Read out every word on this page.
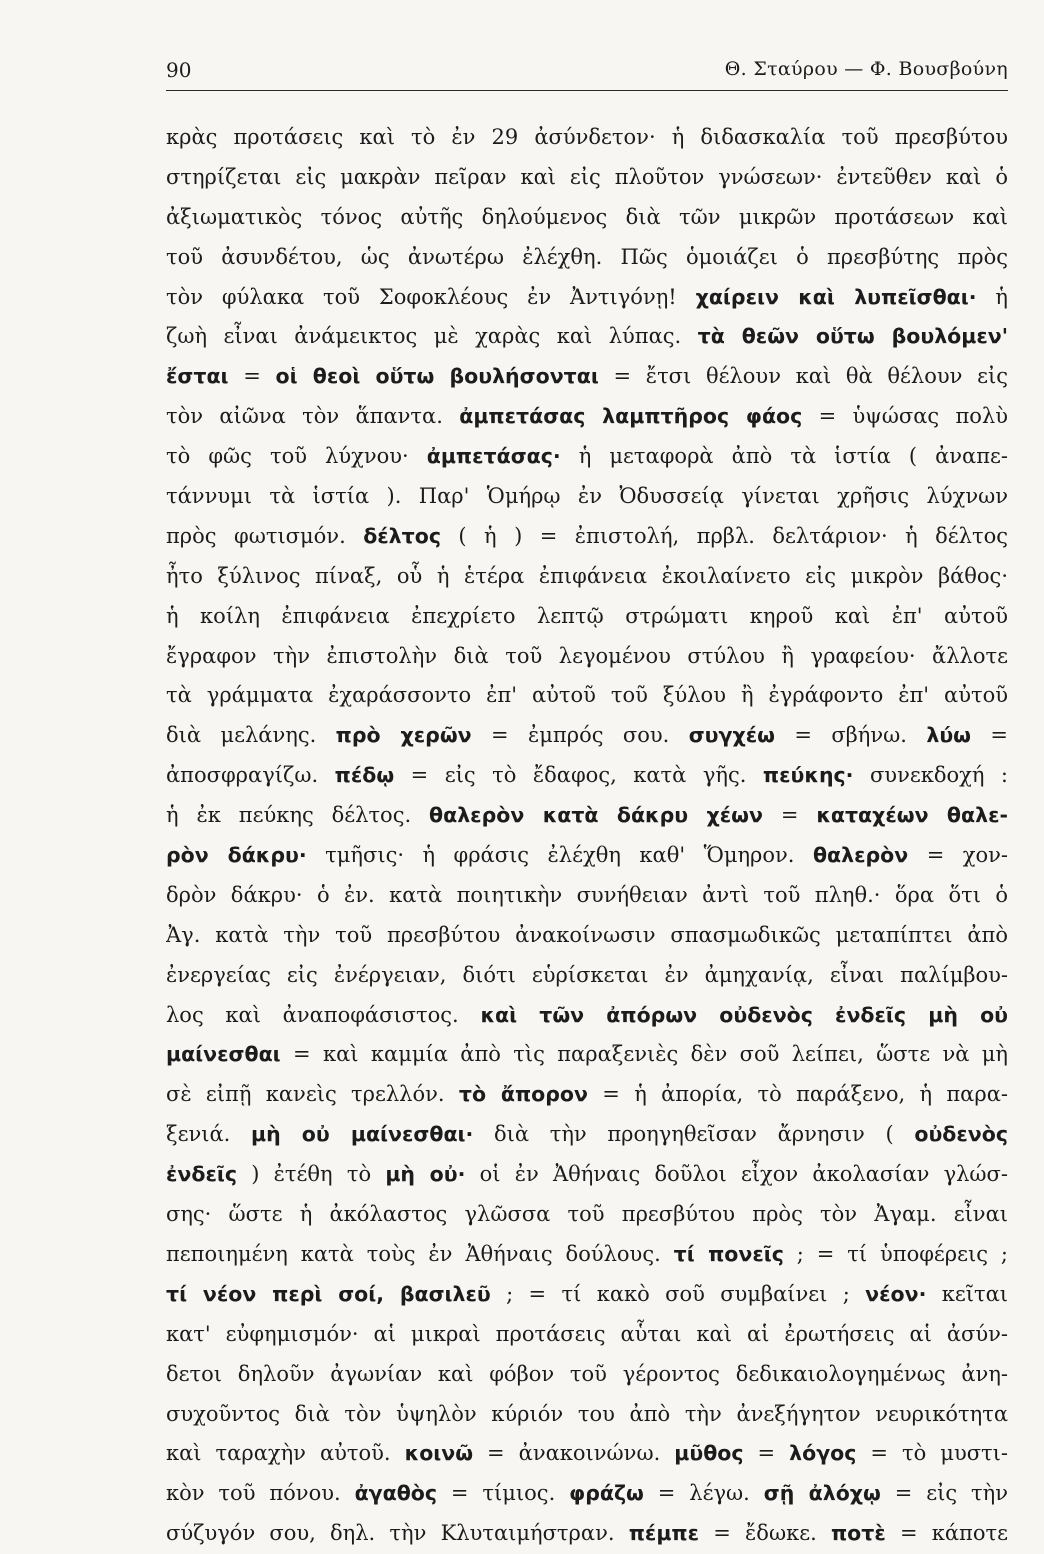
90	Θ. Σταύρου — Φ. Βουσβούνη
κρὰς προτάσεις καὶ τὸ ἐν 29 ἀσύνδετον· ἡ διδασκαλία τοῦ πρεσβύτου
στηρίζεται εἰς μακρὰν πεῖραν καὶ εἰς πλοῦτον γνώσεων· ἐντεῦθεν καὶ ὁ
ἀξιωματικὸς τόνος αὐτῆς δηλούμενος διὰ τῶν μικρῶν προτάσεων καὶ
τοῦ ἀσυνδέτου, ὡς ἀνωτέρω ἐλέχθη. Πῶς ὁμοιάζει ὁ πρεσβύτης πρὸς
τὸν φύλακα τοῦ Σοφοκλέους ἐν Ἀντιγόνῃ! χαίρειν καὶ λυπεῖσθαι· ἡ
ζωὴ εἶναι ἀνάμεικτος μὲ χαρὰς καὶ λύπας. τὰ θεῶν οὕτω βουλόμεν'
ἔσται = οἱ θεοὶ οὕτω βουλήσονται = ἔτσι θέλουν καὶ θὰ θέλουν εἰς
τὸν αἰῶνα τὸν ἅπαντα. ἀμπετάσας λαμπτῆρος φάος = ὑψώσας πολὺ
τὸ φῶς τοῦ λύχνου· ἀμπετάσας· ἡ μεταφορὰ ἀπὸ τὰ ἱστία ( ἀναπε-
τάννυμι τὰ ἱστία ). Παρ' Ὁμήρῳ ἐν Ὀδυσσείᾳ γίνεται χρῆσις λύχνων
πρὸς φωτισμόν. δέλτος ( ἡ ) = ἐπιστολή, πρβλ. δελτάριον· ἡ δέλτος
ἦτο ξύλινος πίναξ, οὗ ἡ ἑτέρα ἐπιφάνεια ἐκοιλαίνετο εἰς μικρὸν βάθος·
ἡ κοίλη ἐπιφάνεια ἐπεχρίετο λεπτῷ στρώματι κηροῦ καὶ ἐπ' αὐτοῦ
ἔγραφον τὴν ἐπιστολὴν διὰ τοῦ λεγομένου στύλου ἢ γραφείου· ἄλλοτε
τὰ γράμματα ἐχαράσσοντο ἐπ' αὐτοῦ τοῦ ξύλου ἢ ἐγράφοντο ἐπ' αὐτοῦ
διὰ μελάνης. πρὸ χερῶν = ἐμπρός σου. συγχέω = σβήνω. λύω =
ἀποσφραγίζω. πέδῳ = εἰς τὸ ἔδαφος, κατὰ γῆς. πεύκης· συνεκδοχή :
ἡ ἐκ πεύκης δέλτος. θαλερὸν κατὰ δάκρυ χέων = καταχέων θαλε-
ρὸν δάκρυ· τμῆσις· ἡ φράσις ἐλέχθη καθ' Ὅμηρον. θαλερὸν = χον-
δρὸν δάκρυ· ὁ ἐν. κατὰ ποιητικὴν συνήθειαν ἀντὶ τοῦ πληθ.· ὅρα ὅτι ὁ
Ἀγ. κατὰ τὴν τοῦ πρεσβύτου ἀνακοίνωσιν σπασμωδικῶς μεταπίπτει ἀπὸ
ἐνεργείας εἰς ἐνέργειαν, διότι εὑρίσκεται ἐν ἀμηχανίᾳ, εἶναι παλίμβου-
λος καὶ ἀναποφάσιστος. καὶ τῶν ἀπόρων οὐδενὸς ἐνδεῖς μὴ οὐ
μαίνεσθαι = καὶ καμμία ἀπὸ τὶς παραξενιὲς δὲν σοῦ λείπει, ὥστε νὰ μὴ
σὲ εἰπῇ κανεὶς τρελλόν. τὸ ἄπορον = ἡ ἀπορία, τὸ παράξενο, ἡ παρα-
ξενιά. μὴ οὐ μαίνεσθαι· διὰ τὴν προηγηθεῖσαν ἄρνησιν ( οὐδενὸς
ἐνδεῖς ) ἐτέθη τὸ μὴ οὐ· οἱ ἐν Ἀθήναις δοῦλοι εἶχον ἀκολασίαν γλώσ-
σης· ὥστε ἡ ἀκόλαστος γλῶσσα τοῦ πρεσβύτου πρὸς τὸν Ἀγαμ. εἶναι
πεποιημένη κατὰ τοὺς ἐν Ἀθήναις δούλους. τί πονεῖς ; = τί ὑποφέρεις ;
τί νέον περὶ σοί, βασιλεῦ ; = τί κακὸ σοῦ συμβαίνει ; νέον· κεῖται
κατ' εὐφημισμόν· αἱ μικραὶ προτάσεις αὗται καὶ αἱ ἐρωτήσεις αἱ ἀσύν-
δετοι δηλοῦν ἀγωνίαν καὶ φόβον τοῦ γέροντος δεδικαιολογημένως ἀνη-
συχοῦντος διὰ τὸν ὑψηλὸν κύριόν του ἀπὸ τὴν ἀνεξήγητον νευρικότητα
καὶ ταραχὴν αὐτοῦ. κοινῶ = ἀνακοινώνω. μῦθος = λόγος = τὸ μυστι-
κὸν τοῦ πόνου. ἀγαθὸς = τίμιος. φράζω = λέγω. σῇ ἀλόχῳ = εἰς τὴν
σύζυγόν σου, δηλ. τὴν Κλυταιμήστραν. πέμπε = ἔδωκε. ποτὲ = κάποτε
